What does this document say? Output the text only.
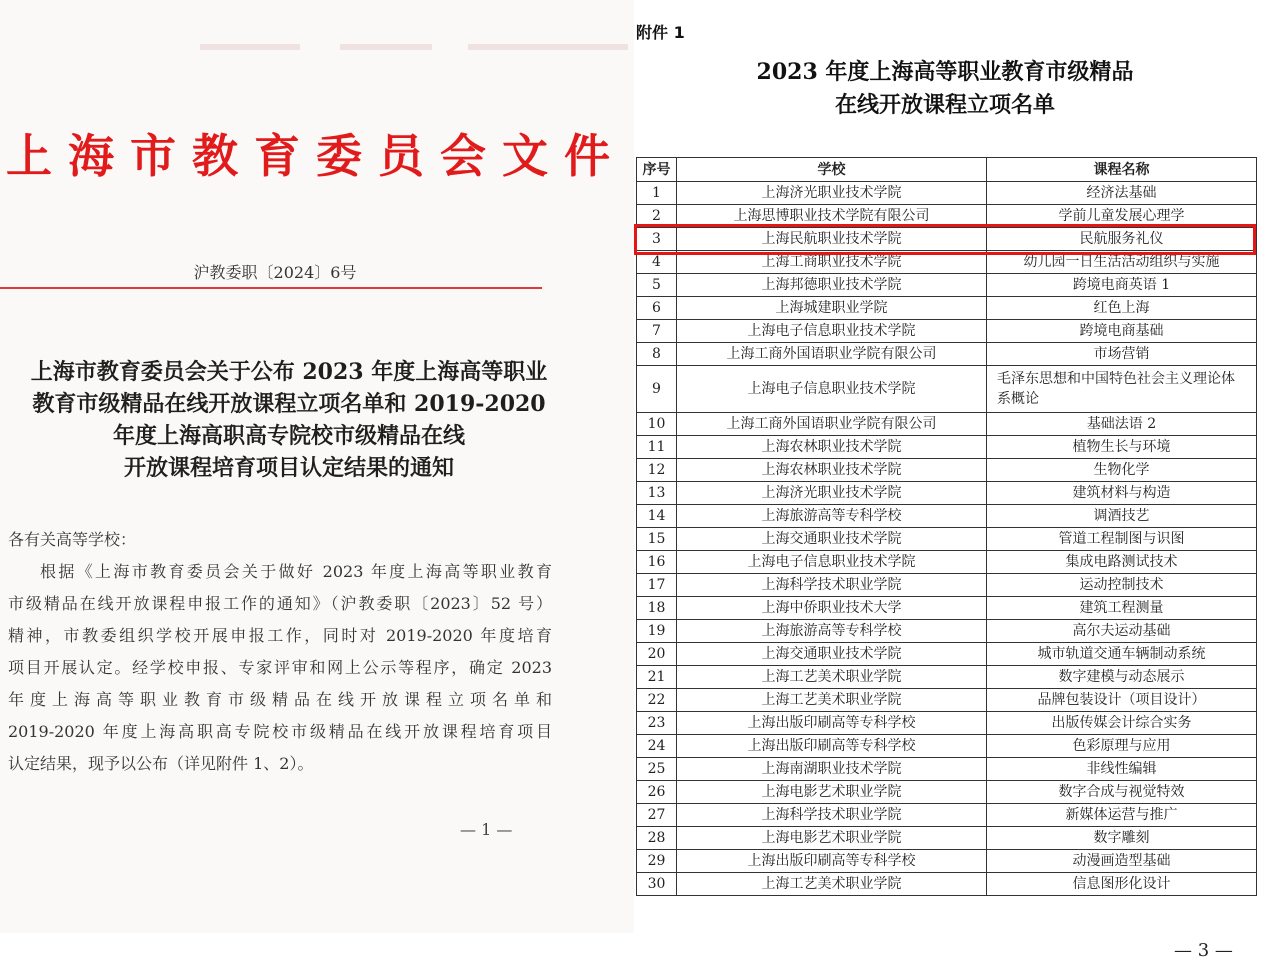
上海市教育委员会文件
沪教委职〔2024〕6号
上海市教育委员会关于公布 2023 年度上海高等职业
教育市级精品在线开放课程立项名单和 2019-2020
年度上海高职高专院校市级精品在线
开放课程培育项目认定结果的通知
各有关高等学校：
根据《上海市教育委员会关于做好 2023 年度上海高等职业教育
市级精品在线开放课程申报工作的通知》（沪教委职〔2023〕52 号）
精神，市教委组织学校开展申报工作，同时对 2019-2020 年度培育
项目开展认定。经学校申报、专家评审和网上公示等程序，确定 2023
年度上海高等职业教育市级精品在线开放课程立项名单和
2019-2020 年度上海高职高专院校市级精品在线开放课程培育项目
认定结果，现予以公布（详见附件 1、2）。
— 1 —
附件 1
2023 年度上海高等职业教育市级精品
在线开放课程立项名单
序号	学校	课程名称
1	上海济光职业技术学院	经济法基础
2	上海思博职业技术学院有限公司	学前儿童发展心理学
3	上海民航职业技术学院	民航服务礼仪
4	上海工商职业技术学院	幼儿园一日生活活动组织与实施
5	上海邦德职业技术学院	跨境电商英语 1
6	上海城建职业学院	红色上海
7	上海电子信息职业技术学院	跨境电商基础
8	上海工商外国语职业学院有限公司	市场营销
9	上海电子信息职业技术学院	毛泽东思想和中国特色社会主义理论体系概论
10	上海工商外国语职业学院有限公司	基础法语 2
11	上海农林职业技术学院	植物生长与环境
12	上海农林职业技术学院	生物化学
13	上海济光职业技术学院	建筑材料与构造
14	上海旅游高等专科学校	调酒技艺
15	上海交通职业技术学院	管道工程制图与识图
16	上海电子信息职业技术学院	集成电路测试技术
17	上海科学技术职业学院	运动控制技术
18	上海中侨职业技术大学	建筑工程测量
19	上海旅游高等专科学校	高尔夫运动基础
20	上海交通职业技术学院	城市轨道交通车辆制动系统
21	上海工艺美术职业学院	数字建模与动态展示
22	上海工艺美术职业学院	品牌包装设计（项目设计）
23	上海出版印刷高等专科学校	出版传媒会计综合实务
24	上海出版印刷高等专科学校	色彩原理与应用
25	上海南湖职业技术学院	非线性编辑
26	上海电影艺术职业学院	数字合成与视觉特效
27	上海科学技术职业学院	新媒体运营与推广
28	上海电影艺术职业学院	数字雕刻
29	上海出版印刷高等专科学校	动漫画造型基础
30	上海工艺美术职业学院	信息图形化设计
— 3 —
